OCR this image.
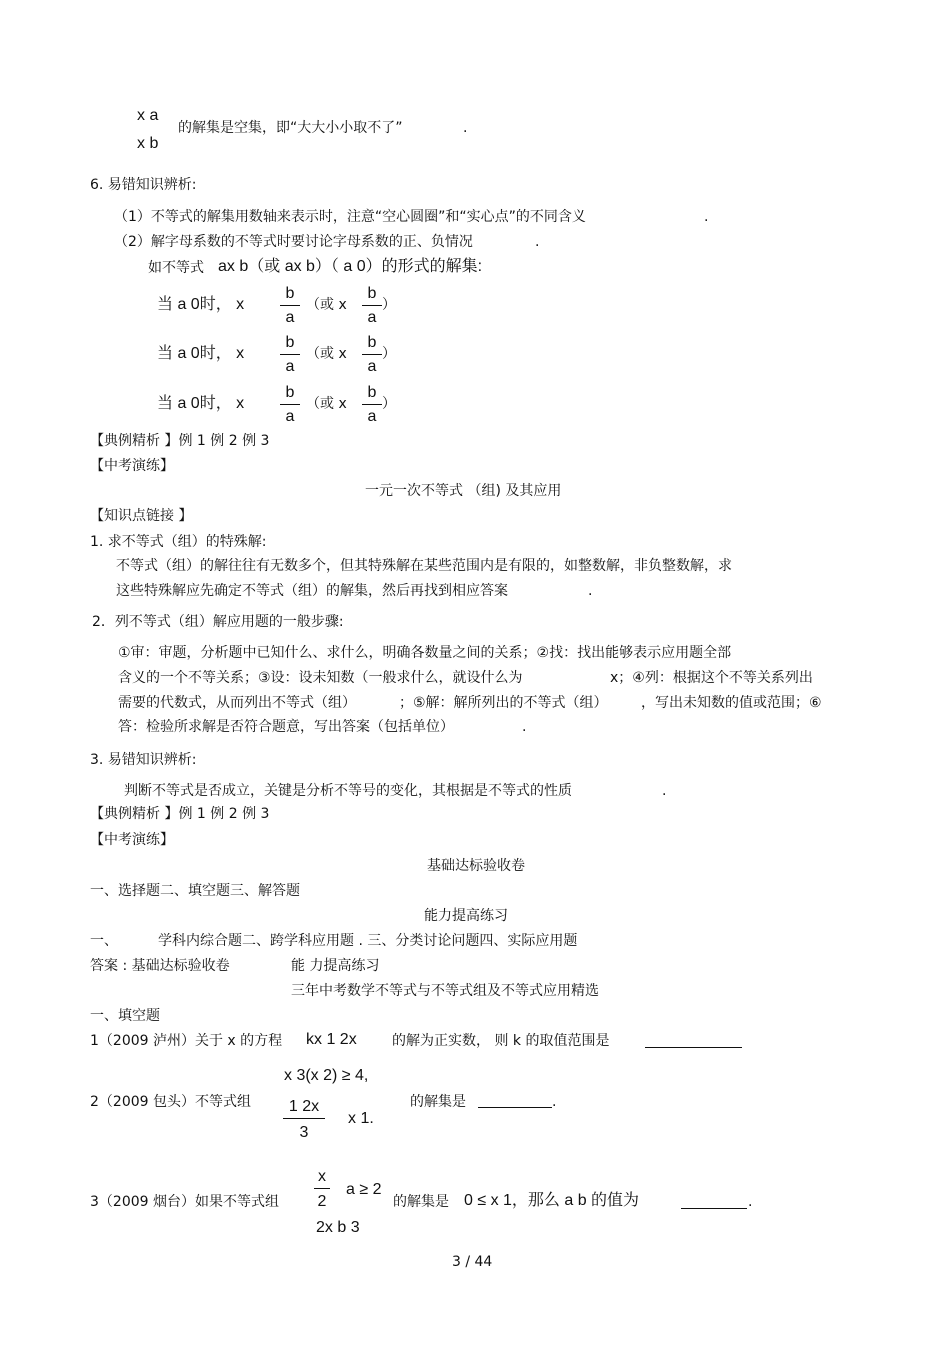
x a
x b
的解集是空集，即“大大小小取不了”	.
6. 易错知识辨析:
（1）不等式的解集用数轴来表示时，注意“空心圆圈”和“实心点”的不同含义	.
（2）解字母系数的不等式时要讨论字母系数的正、负情况	.
如不等式 ax b（或 ax b）（ a 0）的形式的解集:
当 a 0时， x
b
a
（或 x
b
a
）
当 a 0时， x
b
a
（或 x
b
a
）
当 a 0时， x
b
a
（或 x
b
a
）
【典例精析 】例 1 例 2 例 3
【中考演练】
一元一次不等式 （组) 及其应用
【知识点链接 】
1. 求不等式（组）的特殊解:
不等式（组）的解往往有无数多个，但其特殊解在某些范围内是有限的，如整数解，非负整数解，求
这些特殊解应先确定不等式（组）的解集，然后再找到相应答案	.
2．列不等式（组）解应用题的一般步骤:
①审：审题，分析题中已知什么、求什么，明确各数量之间的关系；②找：找出能够表示应用题全部
含义的一个不等关系；③设：设未知数（一般求什么，就设什么为	x；④列：根据这个不等关系列出
需要的代数式，从而列出不等式（组）	；⑤解：解所列出的不等式（组） ，写出未知数的值或范围；⑥
答：检验所求解是否符合题意，写出答案（包括单位）	.
3. 易错知识辨析:
判断不等式是否成立，关键是分析不等号的变化，其根据是不等式的性质	.
【典例精析 】例 1 例 2 例 3
【中考演练】
基础达标验收卷
一、选择题二、填空题三、解答题
能力提高练习
一、	学科内综合题二、跨学科应用题 . 三、分类讨论问题四、实际应用题
答案 : 基础达标验收卷	能 力提高练习
三年中考数学不等式与不等式组及不等式应用精选
一、填空题
1（2009 泸州）关于 x 的方程 kx 1 2x	的解为正实数， 则 k 的取值范围是
2（2009 包头）不等式组
x 3(x 2) ≥ 4,
1 2x
3
x 1.
的解集是	.
3（2009 烟台）如果不等式组
x
2
a ≥ 2
2x b 3
的解集是 0 ≤ x 1，那么 a b 的值为	.
3 / 44
